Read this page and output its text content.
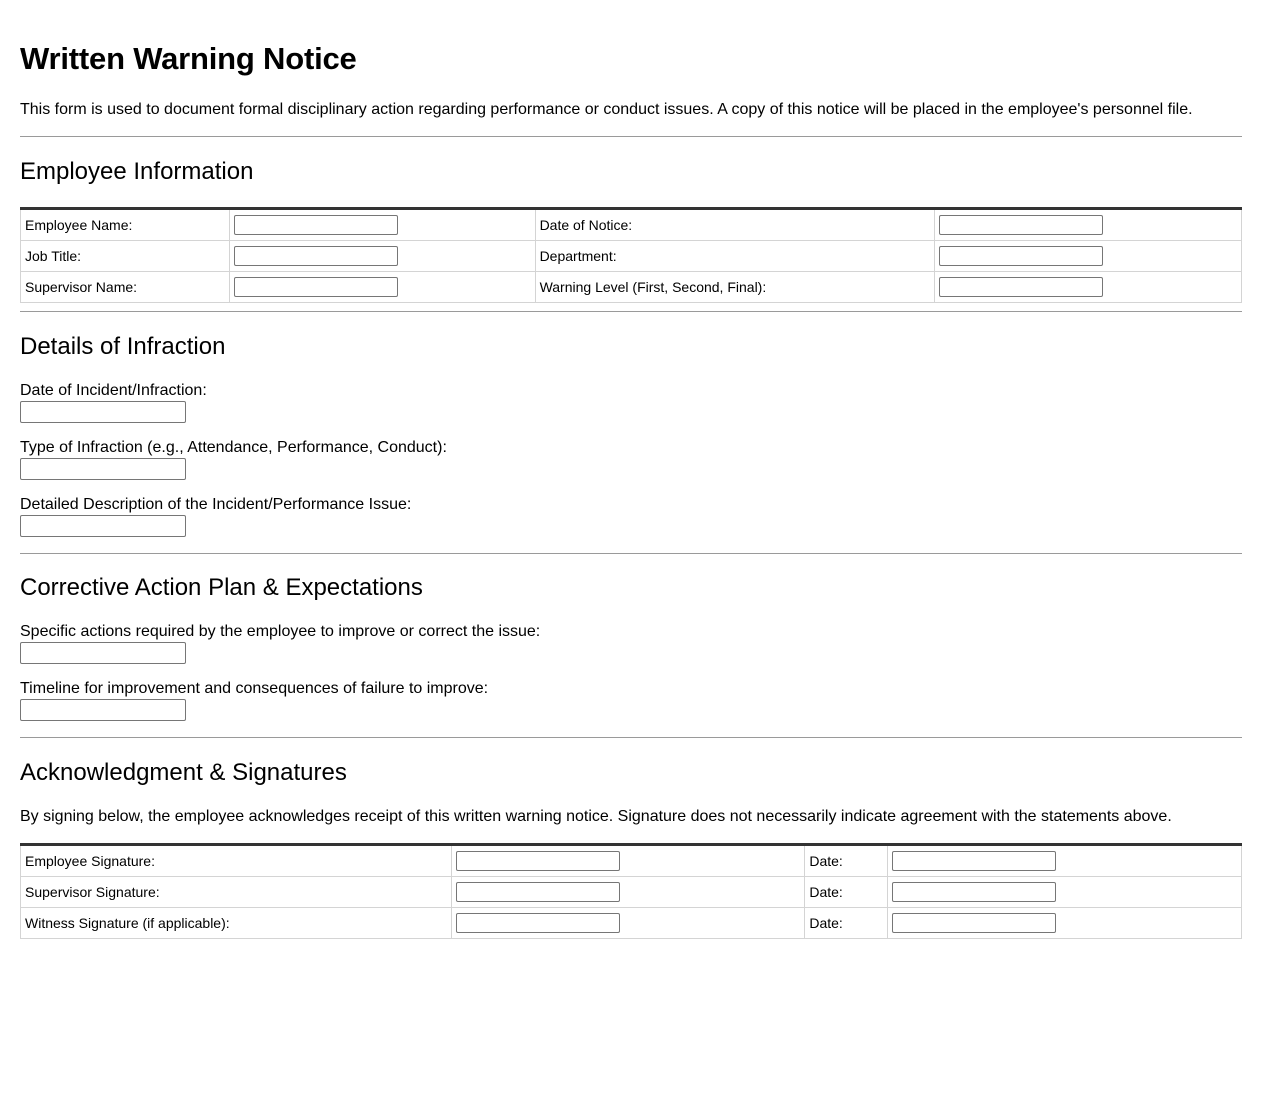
Written Warning Notice

This form is used to document formal disciplinary action regarding performance or conduct issues. A copy of this notice will be placed in the employee's personnel file.

Employee Information
Employee Name:		Date of Notice:	

Job Title:		Department:	

Supervisor Name:		Warning Level (First, Second, Final):	
Details of Infraction
Date of Incident/Infraction:
Type of Infraction (e.g., Attendance, Performance, Conduct):
Detailed Description of the Incident/Performance Issue:
Corrective Action Plan & Expectations
Specific actions required by the employee to improve or correct the issue:
Timeline for improvement and consequences of failure to improve:
Acknowledgment & Signatures

By signing below, the employee acknowledges receipt of this written warning notice. Signature does not necessarily indicate agreement with the statements above.

Employee Signature:		Date:	

Supervisor Signature:		Date:	

Witness Signature (if applicable):		Date:	
